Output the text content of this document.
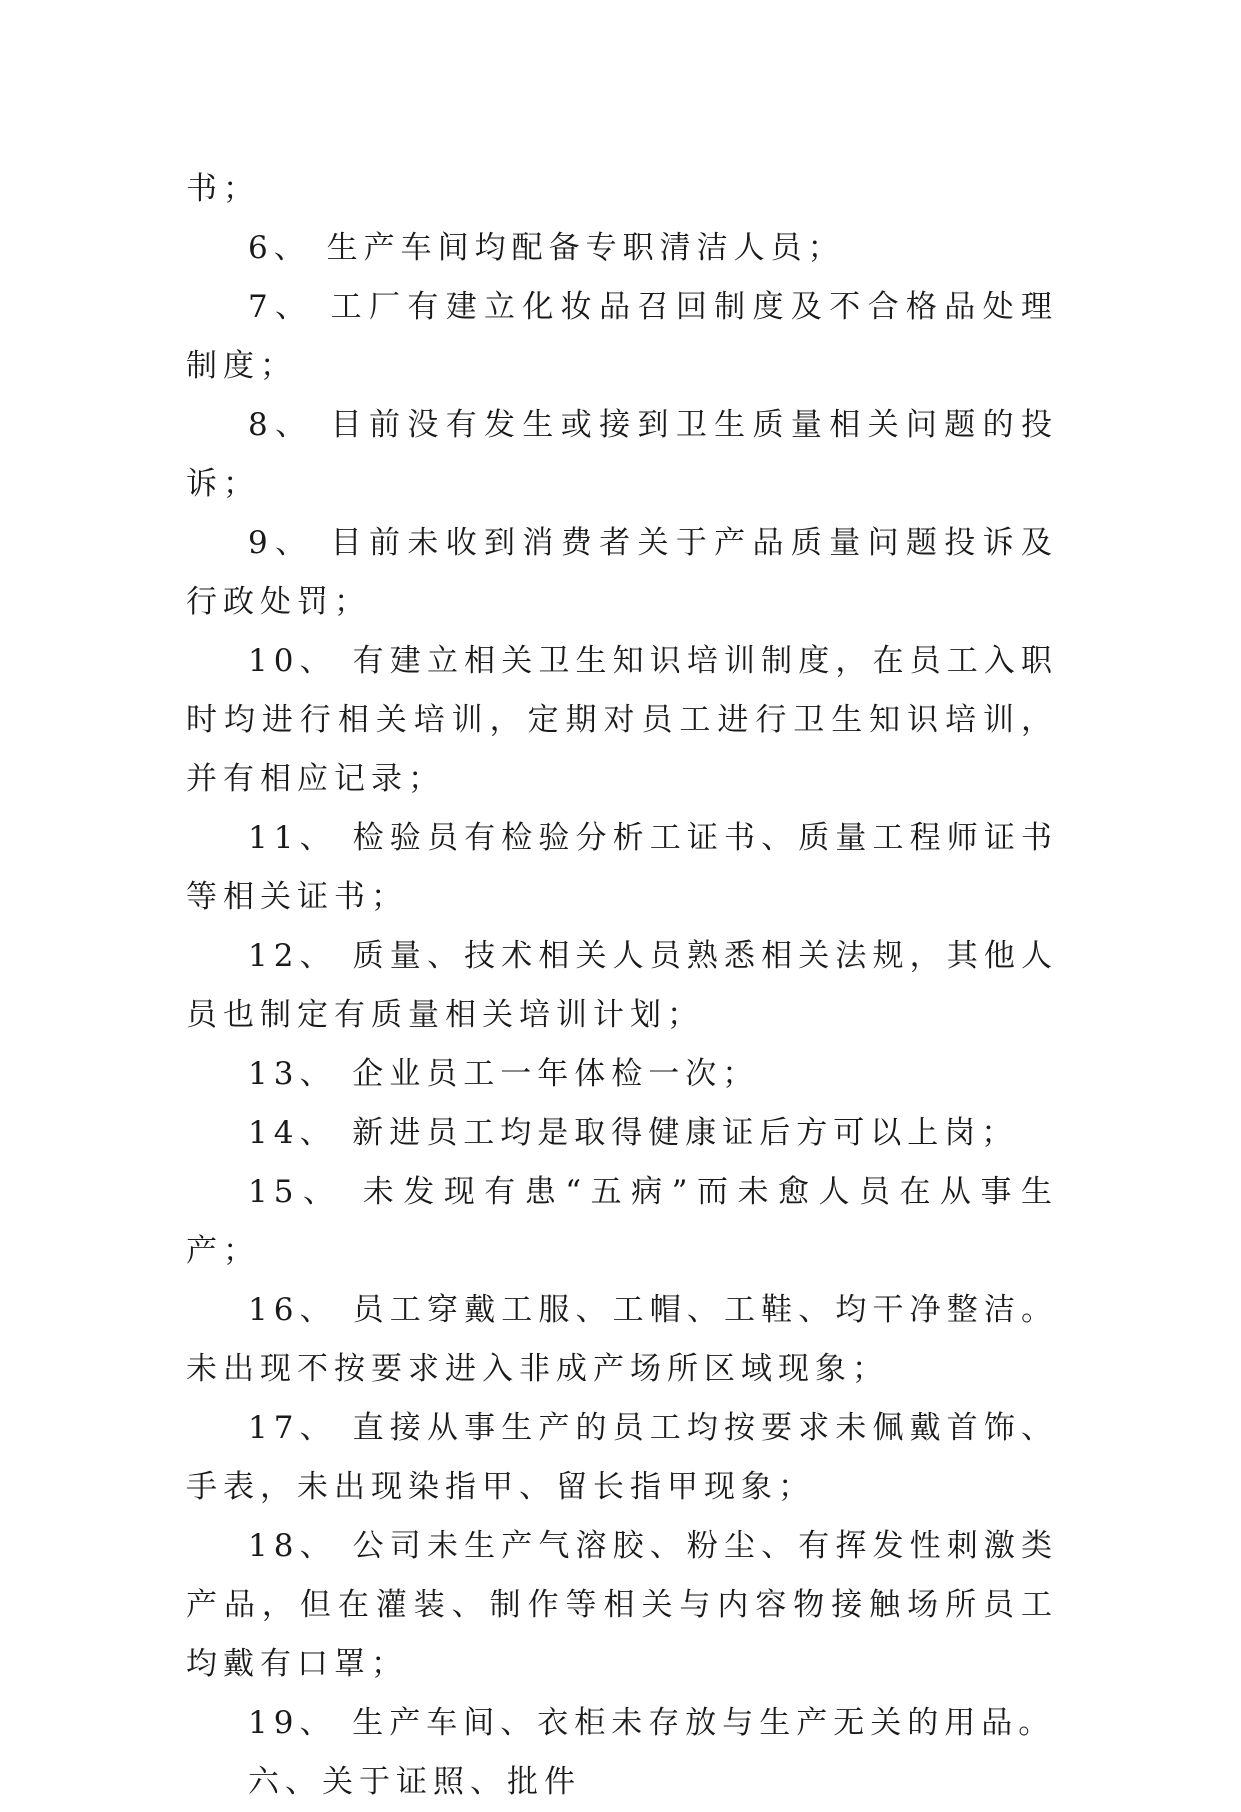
书；

6、 生产车间均配备专职清洁人员；

7、 工厂有建立化妆品召回制度及不合格品处理制度；

8、 目前没有发生或接到卫生质量相关问题的投诉；

9、 目前未收到消费者关于产品质量问题投诉及行政处罚；

10、 有建立相关卫生知识培训制度，在员工入职时均进行相关培训，定期对员工进行卫生知识培训，并有相应记录；

11、 检验员有检验分析工证书、质量工程师证书等相关证书；

12、 质量、技术相关人员熟悉相关法规，其他人员也制定有质量相关培训计划；

13、 企业员工一年体检一次；

14、 新进员工均是取得健康证后方可以上岗；

15、 未发现有患“五病”而未愈人员在从事生产；

16、 员工穿戴工服、工帽、工鞋、均干净整洁。未出现不按要求进入非成产场所区域现象；

17、 直接从事生产的员工均按要求未佩戴首饰、手表，未出现染指甲、留长指甲现象；

18、 公司未生产气溶胶、粉尘、有挥发性刺激类产品，但在灌装、制作等相关与内容物接触场所员工均戴有口罩；

19、 生产车间、衣柜未存放与生产无关的用品。

六、关于证照、批件
